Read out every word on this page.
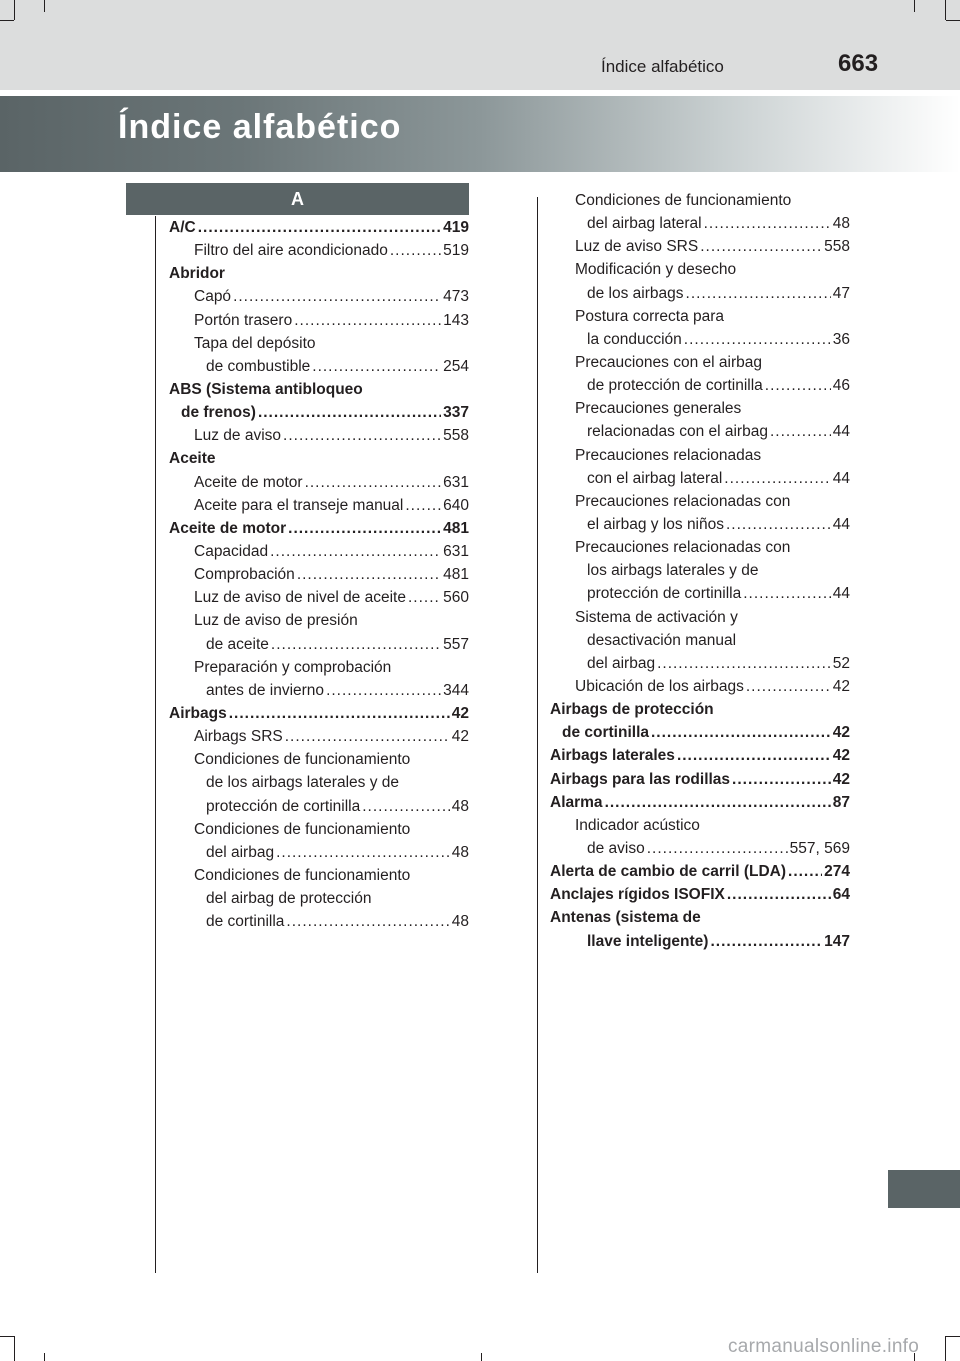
Índice alfabético	663
Índice alfabético
A
A/C .....	419
Filtro del aire acondicionado .....	519
Abridor
Capó .....	473
Portón trasero .....	143
Tapa del depósito
de combustible .....	254
ABS (Sistema antibloqueo
de frenos) .....	337
Luz de aviso .....	558
Aceite
Aceite de motor .....	631
Aceite para el transeje manual .....	640
Aceite de motor .....	481
Capacidad .....	631
Comprobación .....	481
Luz de aviso de nivel de aceite ..... 560
Luz de aviso de presión
de aceite .....	557
Preparación y comprobación
antes de invierno .....	344
Airbags .....	42
Airbags SRS .....	42
Condiciones de funcionamiento
de los airbags laterales y de
protección de cortinilla .....	48
Condiciones de funcionamiento
del airbag .....	48
Condiciones de funcionamiento
del airbag de protección
de cortinilla .....	48
Condiciones de funcionamiento
del airbag lateral .....	48
Luz de aviso SRS .....	558
Modificación y desecho
de los airbags .....	47
Postura correcta para
la conducción .....	36
Precauciones con el airbag
de protección de cortinilla .....	46
Precauciones generales
relacionadas con el airbag .....	44
Precauciones relacionadas
con el airbag lateral .....	44
Precauciones relacionadas con
el airbag y los niños .....	44
Precauciones relacionadas con
los airbags laterales y de
protección de cortinilla .....	44
Sistema de activación y
desactivación manual
del airbag .....	52
Ubicación de los airbags .....	42
Airbags de protección
de cortinilla .....	42
Airbags laterales .....	42
Airbags para las rodillas .....	42
Alarma .....	87
Indicador acústico
de aviso .....	557, 569
Alerta de cambio de carril (LDA) ..... 274
Anclajes rígidos ISOFIX .....	64
Antenas (sistema de
llave inteligente) .....	147
carmanualsonline.info
